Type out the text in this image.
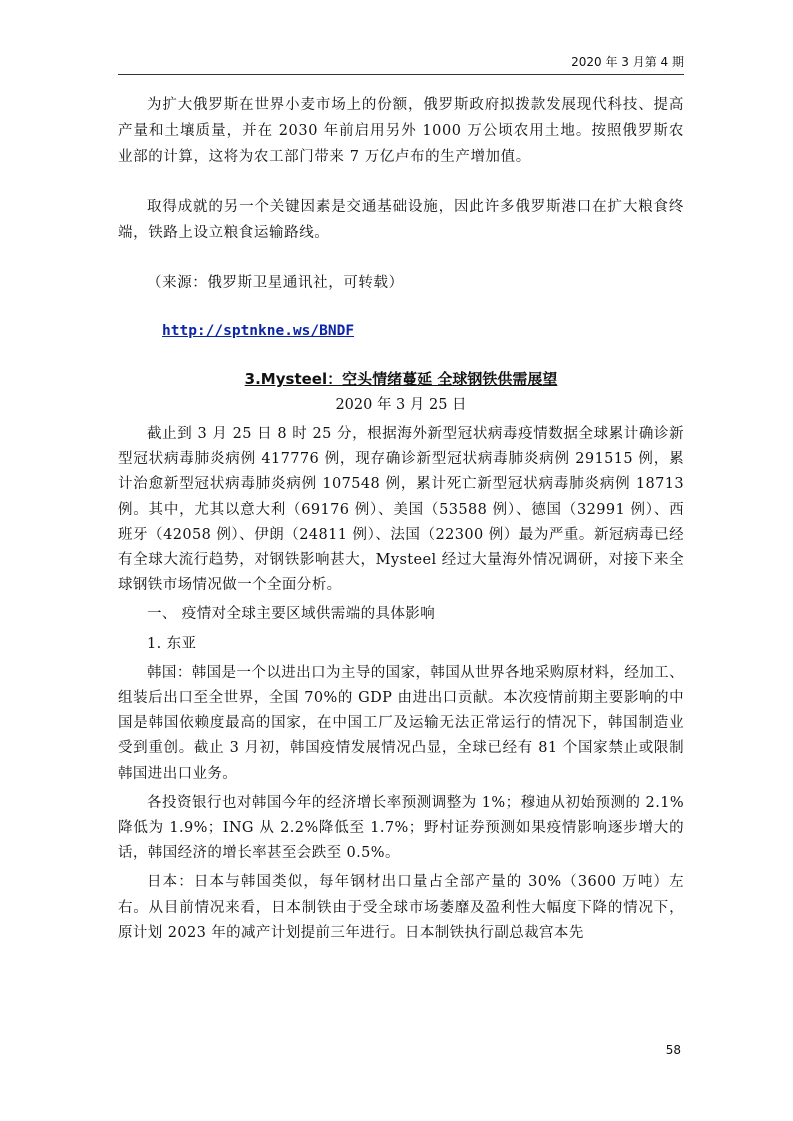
2020 年 3 月第 4 期

为扩大俄罗斯在世界小麦市场上的份额，俄罗斯政府拟拨款发展现代科技、提高产量和土壤质量，并在 2030 年前启用另外 1000 万公顷农用土地。按照俄罗斯农业部的计算，这将为农工部门带来 7 万亿卢布的生产增加值。

取得成就的另一个关键因素是交通基础设施，因此许多俄罗斯港口在扩大粮食终端，铁路上设立粮食运输路线。

（来源：俄罗斯卫星通讯社，可转载）

http://sptnkne.ws/BNDF

3.Mysteel：空头情绪蔓延 全球钢铁供需展望

2020 年 3 月 25 日

截止到 3 月 25 日 8 时 25 分，根据海外新型冠状病毒疫情数据全球累计确诊新型冠状病毒肺炎病例 417776 例，现存确诊新型冠状病毒肺炎病例 291515 例，累计治愈新型冠状病毒肺炎病例 107548 例，累计死亡新型冠状病毒肺炎病例 18713 例。其中，尤其以意大利（69176 例）、美国（53588 例）、德国（32991 例）、西班牙（42058 例）、伊朗（24811 例）、法国（22300 例）最为严重。新冠病毒已经有全球大流行趋势，对钢铁影响甚大，Mysteel 经过大量海外情况调研，对接下来全球钢铁市场情况做一个全面分析。

一、 疫情对全球主要区域供需端的具体影响

1. 东亚

韩国：韩国是一个以进出口为主导的国家，韩国从世界各地采购原材料，经加工、组装后出口至全世界，全国 70%的 GDP 由进出口贡献。本次疫情前期主要影响的中国是韩国依赖度最高的国家，在中国工厂及运输无法正常运行的情况下，韩国制造业受到重创。截止 3 月初，韩国疫情发展情况凸显，全球已经有 81 个国家禁止或限制韩国进出口业务。

各投资银行也对韩国今年的经济增长率预测调整为 1%；穆迪从初始预测的 2.1%降低为 1.9%；ING 从 2.2%降低至 1.7%；野村证券预测如果疫情影响逐步增大的话，韩国经济的增长率甚至会跌至 0.5%。

日本：日本与韩国类似，每年钢材出口量占全部产量的 30%（3600 万吨）左右。从目前情况来看，日本制铁由于受全球市场萎靡及盈利性大幅度下降的情况下，原计划 2023 年的减产计划提前三年进行。日本制铁执行副总裁宫本先

58
